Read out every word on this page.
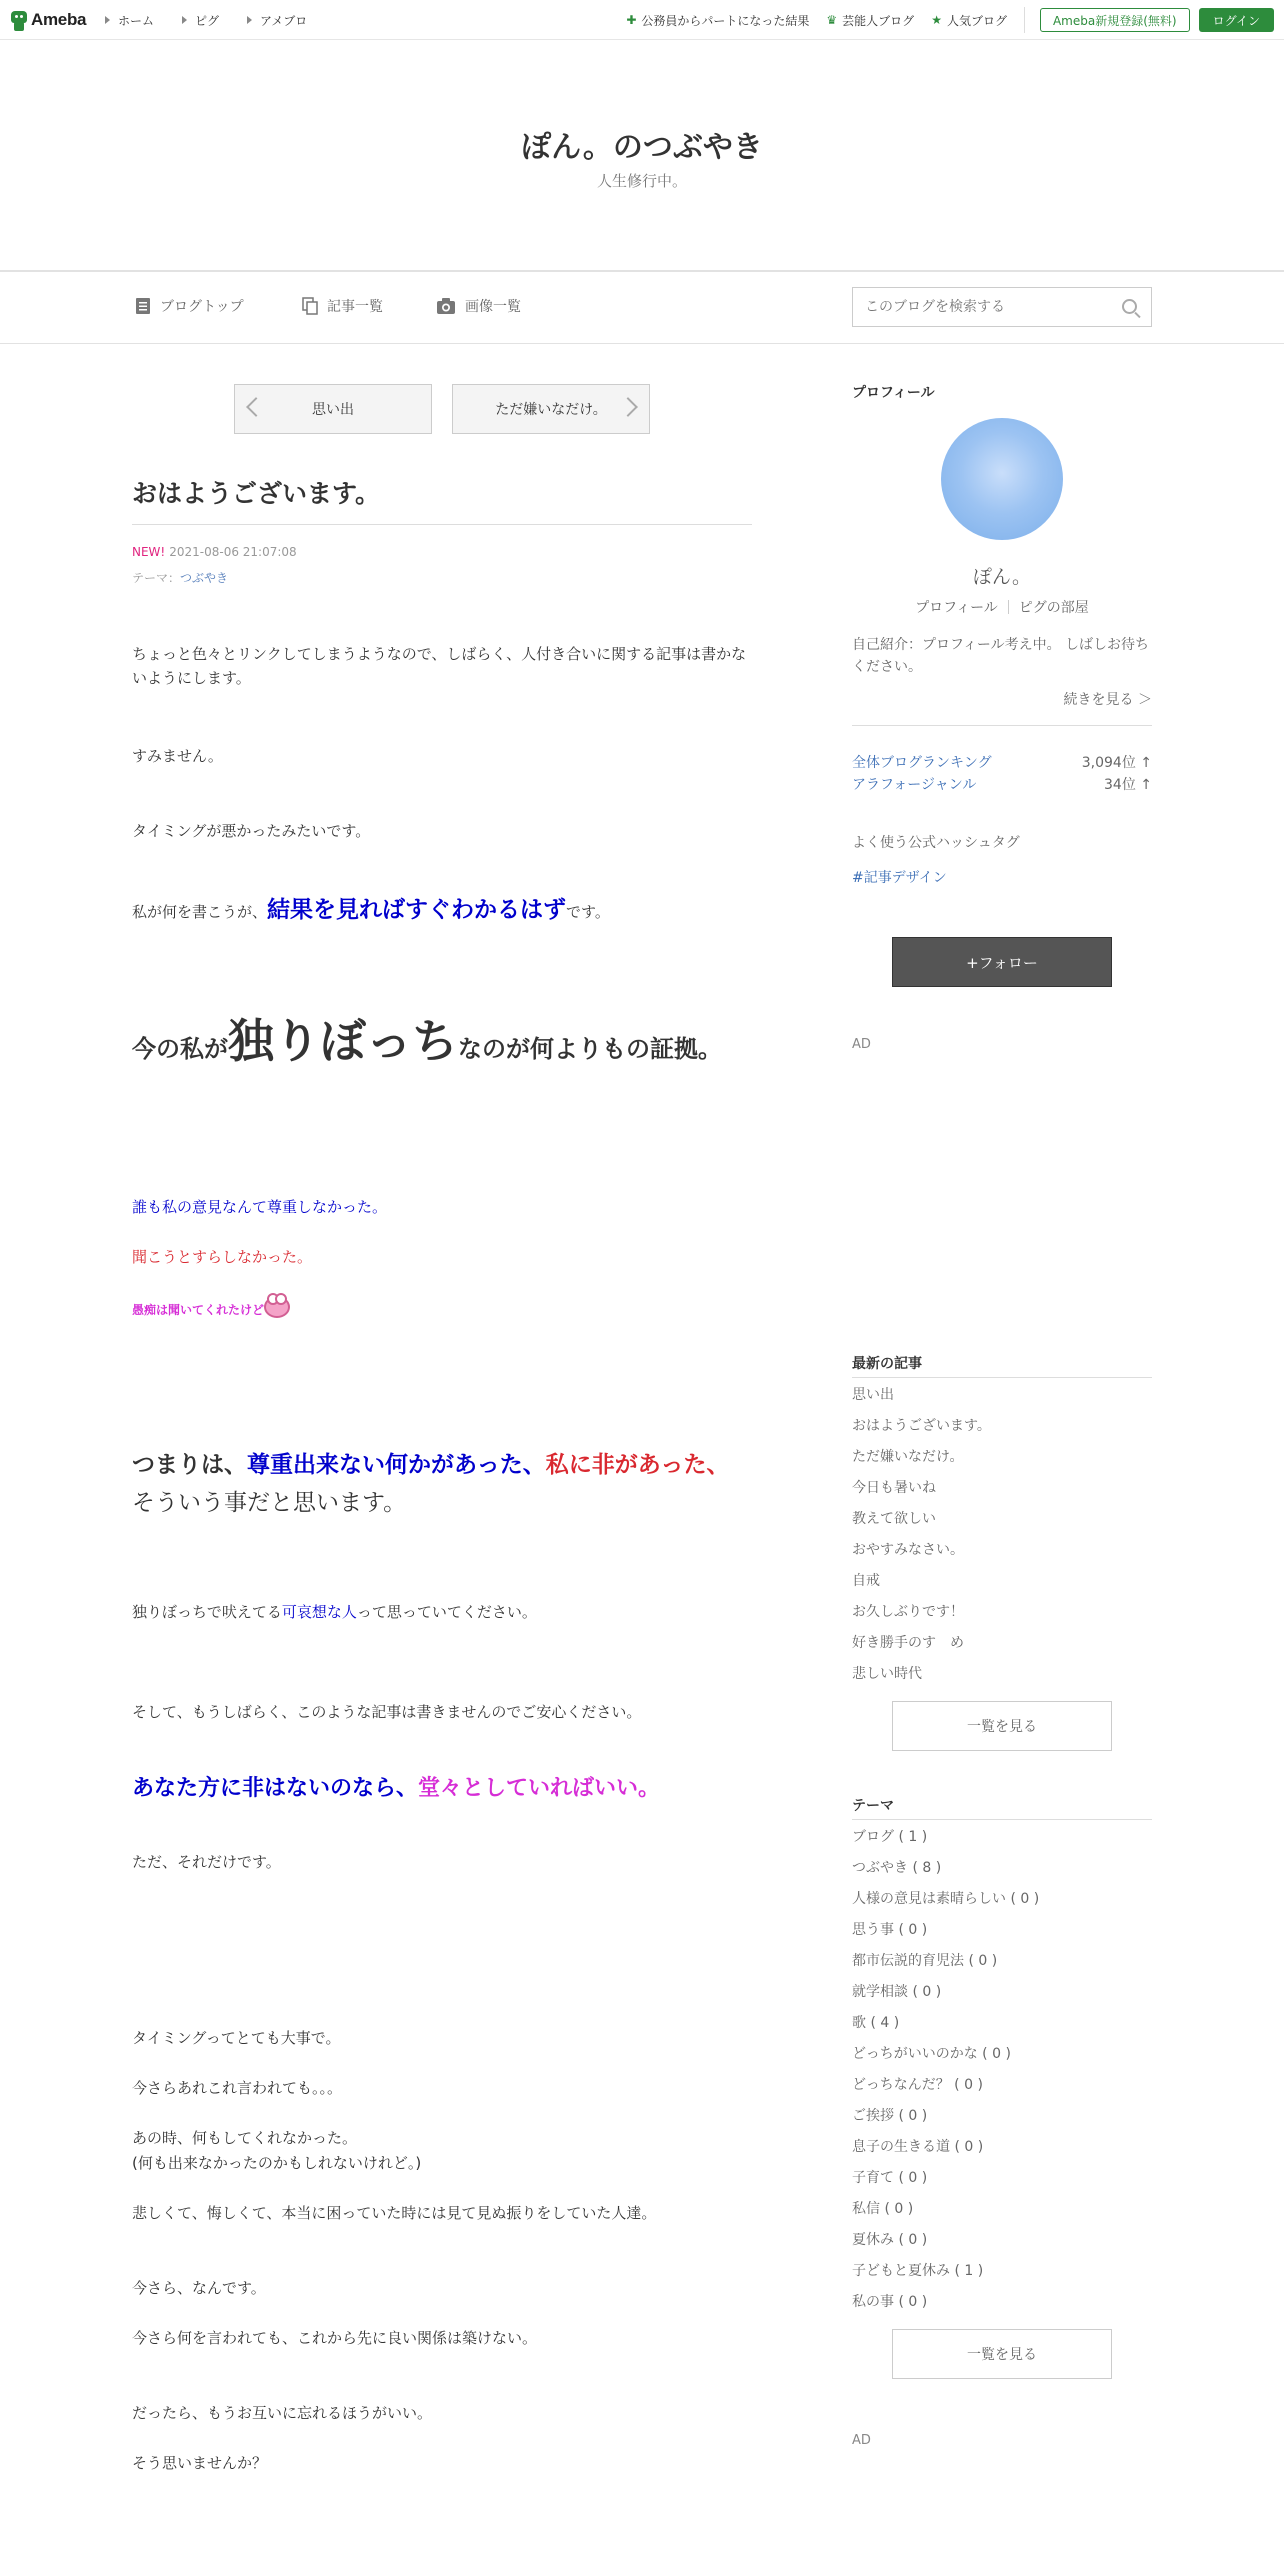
Ameba	ホーム	ピグ	アメブロ	✚ 公務員からパートになった結果 ♛ 芸能人ブログ ★ 人気ブログ	Ameba新規登録(無料)	ログイン
ぽん。のつぶやき
人生修行中。
ブログトップ	記事一覧	画像一覧
このブログを検索する
思い出	ただ嫌いなだけ。
おはようございます。
NEW! 2021-08-06 21:07:08
テーマ：つぶやき

ちょっと色々とリンクしてしまうようなので、しばらく、人付き合いに関する記事は書かないようにします。

すみません。

タイミングが悪かったみたいです。

私が何を書こうが、結果を見ればすぐわかるはずです。

今の私が独りぼっちなのが何よりもの証拠。

誰も私の意見なんて尊重しなかった。

聞こうとすらしなかった。

愚痴は聞いてくれたけど

つまりは、尊重出来ない何かがあった、私に非があった、そういう事だと思います。

独りぼっちで吠えてる可哀想な人って思っていてください。

そして、もうしばらく、このような記事は書きませんのでご安心ください。

あなた方に非はないのなら、堂々としていればいい。

ただ、それだけです。

タイミングってとても大事で。

今さらあれこれ言われても。。。

あの時、何もしてくれなかった。

(何も出来なかったのかもしれないけれど。)

悲しくて、悔しくて、本当に困っていた時には見て見ぬ振りをしていた人達。

今さら、なんです。

今さら何を言われても、これから先に良い関係は築けない。

だったら、もうお互いに忘れるほうがいい。

そう思いませんか？

プロフィール
ぽん。
プロフィール ピグの部屋
自己紹介：プロフィール考え中。 しばしお待ちください。
続きを見る ＞
全体ブログランキング	3,094位 ↑
アラフォージャンル	34位 ↑
よく使う公式ハッシュタグ
#記事デザイン
+フォロー
AD
最新の記事
思い出
おはようございます。
ただ嫌いなだけ。
今日も暑いね
教えて欲しい
おやすみなさい。
自戒
お久しぶりです！
好き勝手のす　め
悲しい時代
一覧を見る
テーマ
ブログ ( 1 )
つぶやき ( 8 )
人様の意見は素晴らしい ( 0 )
思う事 ( 0 )
都市伝説的育児法 ( 0 )
就学相談 ( 0 )
歌 ( 4 )
どっちがいいのかな ( 0 )
どっちなんだ？ ( 0 )
ご挨拶 ( 0 )
息子の生きる道 ( 0 )
子育て ( 0 )
私信 ( 0 )
夏休み ( 0 )
子どもと夏休み ( 1 )
私の事 ( 0 )
一覧を見る
AD
